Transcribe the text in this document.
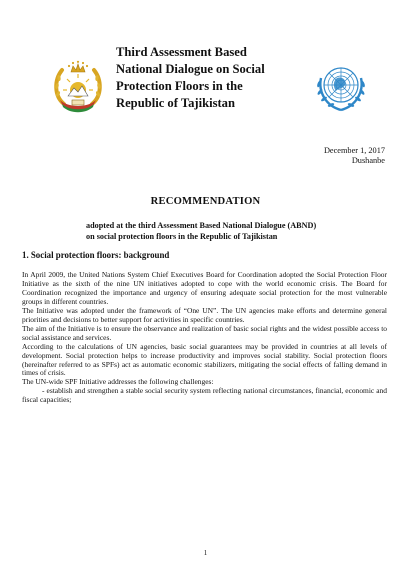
Third Assessment Based
National Dialogue on Social
Protection Floors in the
Republic of Tajikistan
December 1, 2017
Dushanbe
RECOMMENDATION
adopted at the third Assessment Based National Dialogue (ABND)
on social protection floors in the Republic of Tajikistan
1. Social protection floors: background

In April 2009, the United Nations System Chief Executives Board for Coordination adopted the Social Protection Floor Initiative as the sixth of the nine UN initiatives adopted to cope with the world economic crisis. The Board for Coordination recognized the importance and urgency of ensuring adequate social protection for the most vulnerable groups in different countries.

The Initiative was adopted under the framework of “One UN”. The UN agencies make efforts and determine general priorities and decisions to better support for activities in specific countries.

The aim of the Initiative is to ensure the observance and realization of basic social rights and the widest possible access to social assistance and services.

According to the calculations of UN agencies, basic social guarantees may be provided in countries at all levels of development. Social protection helps to increase productivity and improves social stability. Social protection floors (hereinafter referred to as SPFs) act as automatic economic stabilizers, mitigating the social effects of falling demand in times of crisis.

The UN-wide SPF Initiative addresses the following challenges:

- establish and strengthen a stable social security system reflecting national circumstances, financial, economic and fiscal capacities;

1
